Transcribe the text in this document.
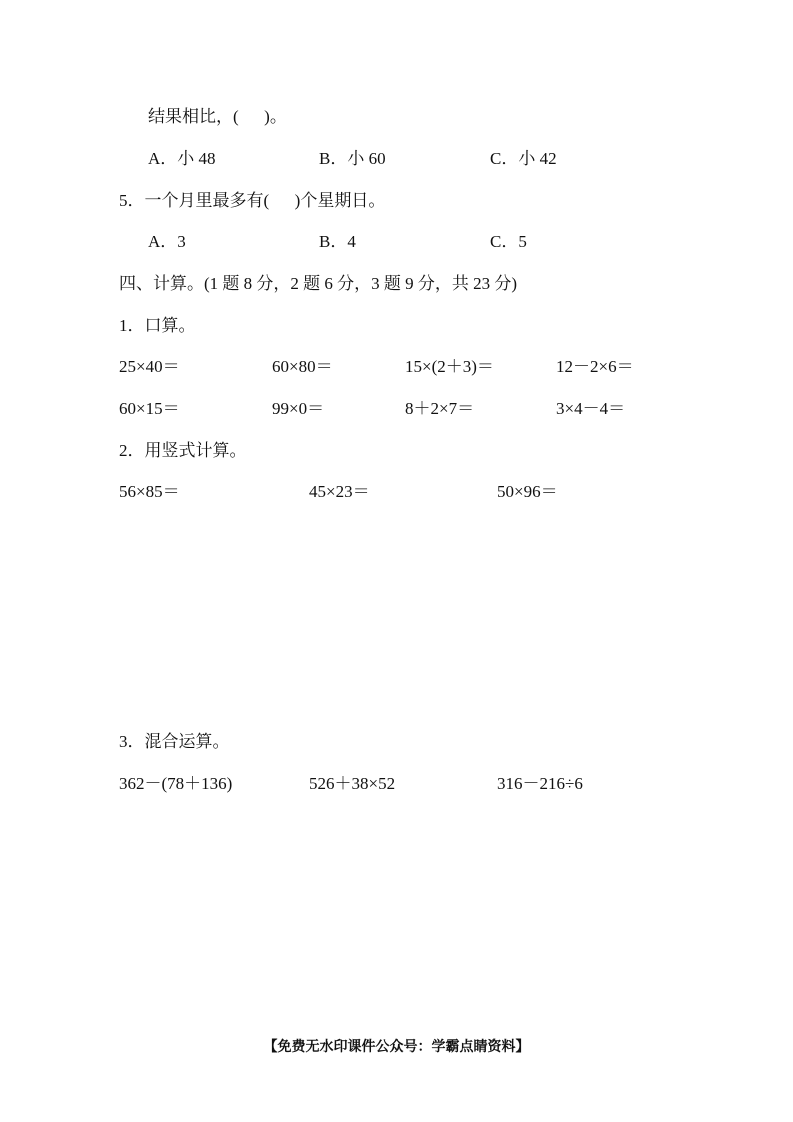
结果相比，(      )。
A．小 48	B．小 60	C．小 42
5．一个月里最多有(      )个星期日。
A．3	B．4	C．5
四、计算。(1 题 8 分，2 题 6 分，3 题 9 分，共 23 分)
1．口算。
25×40＝	60×80＝	15×(2＋3)＝	12－2×6＝
60×15＝	99×0＝	8＋2×7＝	3×4－4＝
2．用竖式计算。
56×85＝	45×23＝	50×96＝
3．混合运算。
362－(78＋136)	526＋38×52	316－216÷6
【免费无水印课件公众号：学霸点睛资料】
